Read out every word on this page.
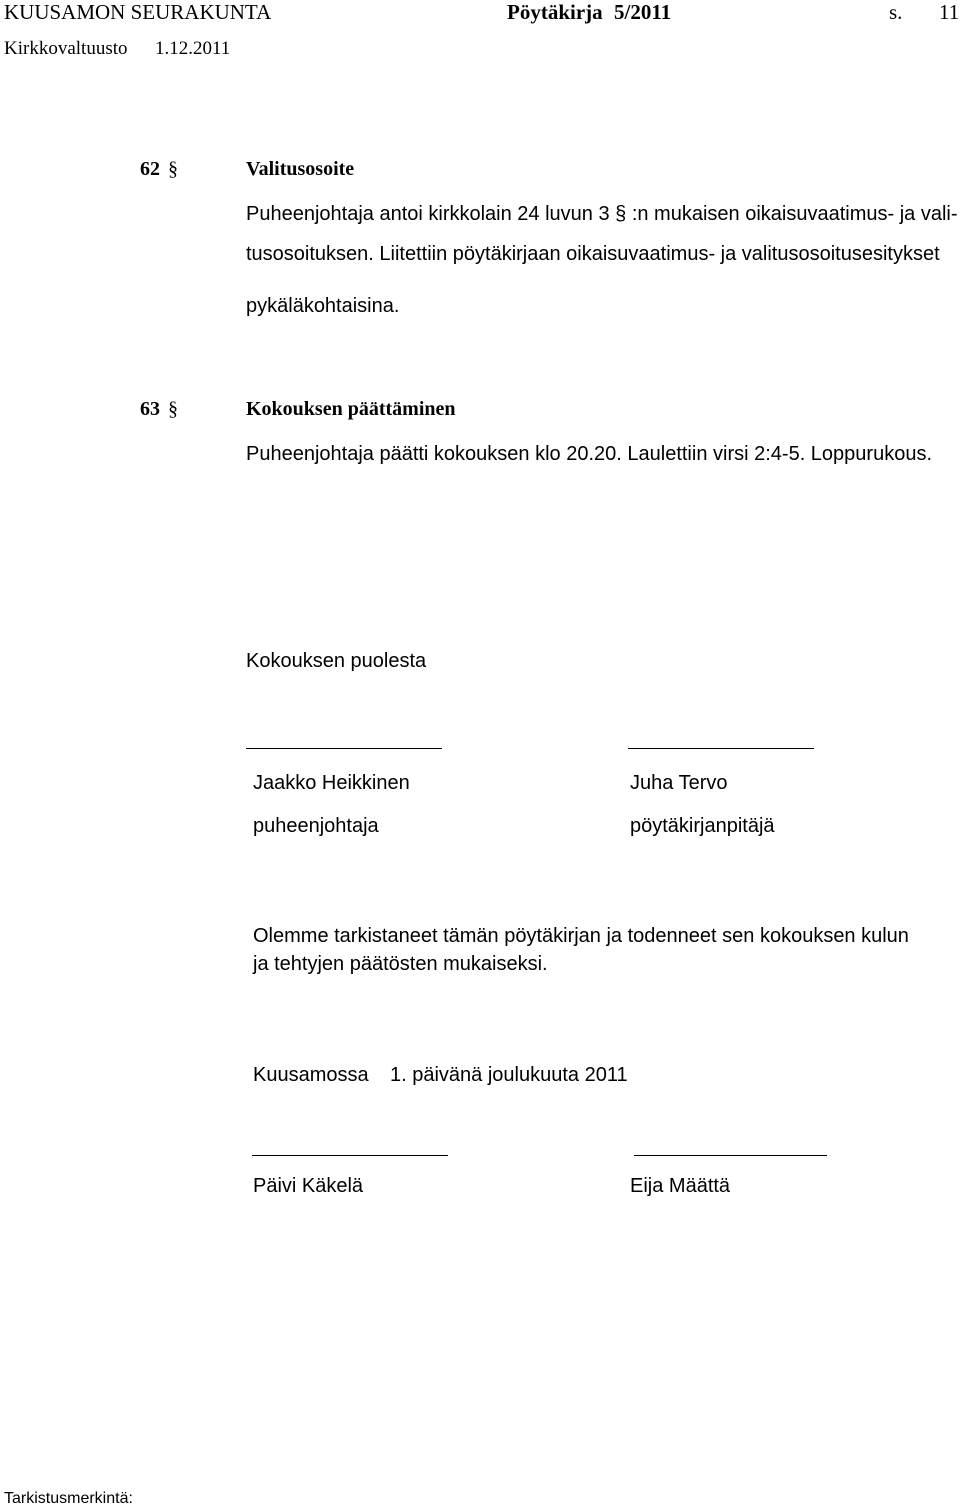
KUUSAMON SEURAKUNTA	Pöytäkirja 5/2011	s. 11
Kirkkovaltuusto 1.12.2011
62 §	Valitusosoite
Puheenjohtaja antoi kirkkolain 24 luvun 3 § :n mukaisen oikaisuvaatimus- ja vali-
tusosoituksen. Liitettiin pöytäkirjaan oikaisuvaatimus- ja valitusosoitusesitykset
pykäläkohtaisina.
63 §	Kokouksen päättäminen
Puheenjohtaja päätti kokouksen klo 20.20. Laulettiin virsi 2:4-5. Loppurukous.
Kokouksen puolesta
Jaakko Heikkinen
puheenjohtaja
Juha Tervo
pöytäkirjanpitäjä
Olemme tarkistaneet tämän pöytäkirjan ja todenneet sen kokouksen kulun
ja tehtyjen päätösten mukaiseksi.
Kuusamossa 1. päivänä joulukuuta 2011
Päivi Käkelä	Eija Määttä
Tarkistusmerkintä:
